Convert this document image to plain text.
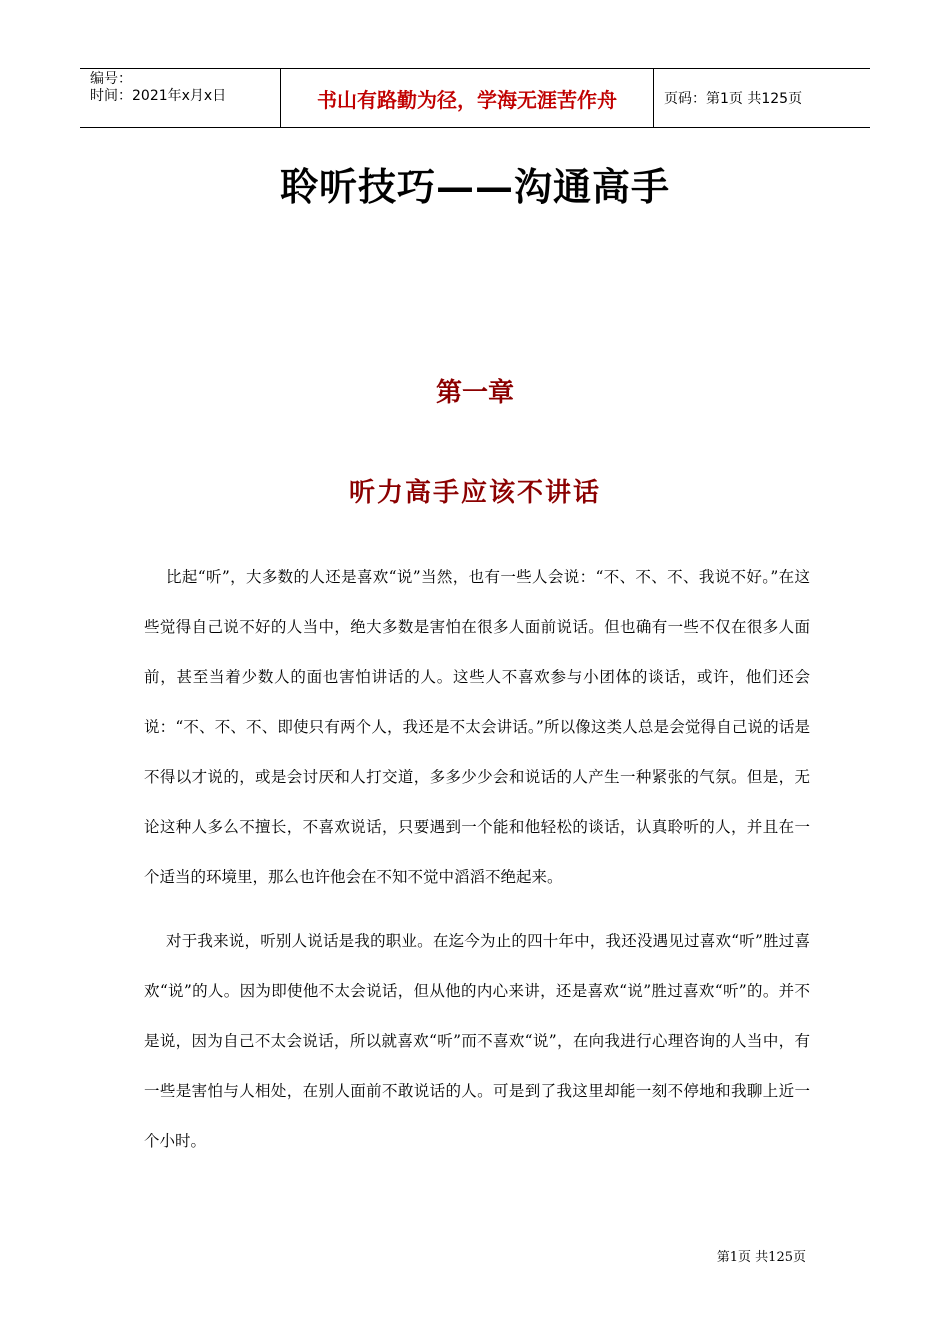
编号：
时间：2021年x月x日	书山有路勤为径，学海无涯苦作舟	页码：第1页 共125页
聆听技巧——沟通高手
第一章
听力高手应该不讲话

比起“听”，大多数的人还是喜欢“说”当然，也有一些人会说：“不、不、不、我说不好。”在这些觉得自己说不好的人当中，绝大多数是害怕在很多人面前说话。但也确有一些不仅在很多人面前，甚至当着少数人的面也害怕讲话的人。这些人不喜欢参与小团体的谈话，或许，他们还会说：“不、不、不、即使只有两个人，我还是不太会讲话。”所以像这类人总是会觉得自己说的话是不得以才说的，或是会讨厌和人打交道，多多少少会和说话的人产生一种紧张的气氛。但是，无论这种人多么不擅长，不喜欢说话，只要遇到一个能和他轻松的谈话，认真聆听的人，并且在一个适当的环境里，那么也许他会在不知不觉中滔滔不绝起来。

对于我来说，听别人说话是我的职业。在迄今为止的四十年中，我还没遇见过喜欢“听”胜过喜欢“说”的人。因为即使他不太会说话，但从他的内心来讲，还是喜欢“说”胜过喜欢“听”的。并不是说，因为自己不太会说话，所以就喜欢“听”而不喜欢“说”，在向我进行心理咨询的人当中，有一些是害怕与人相处，在别人面前不敢说话的人。可是到了我这里却能一刻不停地和我聊上近一个小时。

第1页 共125页
